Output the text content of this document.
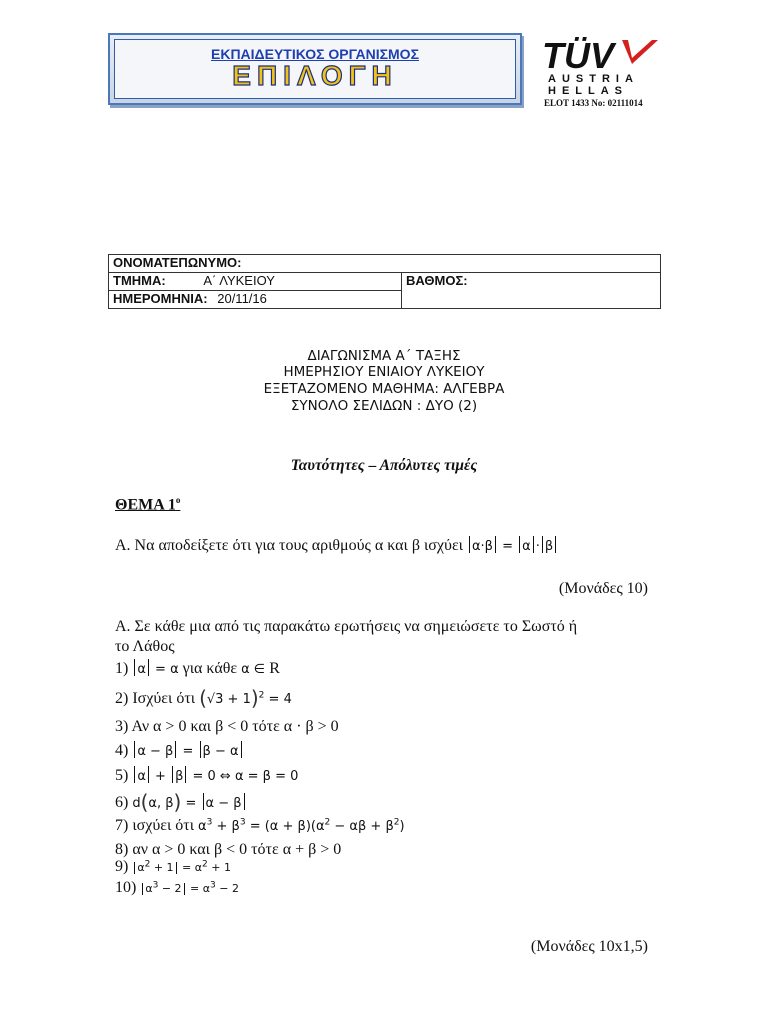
ΕΚΠΑΙΔΕΥΤΙΚΟΣ ΟΡΓΑΝΙΣΜΟΣ
ΕΠΙΛΟΓΗ	TÜV
AUSTRIA
HELLAS
ELOT 1433 No: 02111014
ΟΝΟΜΑΤΕΠΩΝΥΜΟ:
ΤΜΗΜΑ:	Α΄ ΛΥΚΕΙΟΥ	ΒΑΘΜΟΣ:
ΗΜΕΡΟΜΗΝΙΑ: 20/11/16
ΔΙΑΓΩΝΙΣΜΑ Α΄ ΤΑΞΗΣ
ΗΜΕΡΗΣΙΟΥ ΕΝΙΑΙΟΥ ΛΥΚΕΙΟΥ
ΕΞΕΤΑΖΟΜΕΝΟ ΜΑΘΗΜΑ: ΑΛΓΕΒΡΑ
ΣΥΝΟΛΟ ΣΕΛΙΔΩΝ : ΔΥΟ (2)
Ταυτότητες – Απόλυτες τιμές
ΘΕΜΑ $1^o$
Α. Να αποδείξετε ότι για τους αριθμούς α και β ισχύει α·β = α · β
(Μονάδες 10)
Α. Σε κάθε μια από τις παρακάτω ερωτήσεις να σημειώσετε το Σωστό ή
το Λάθος
1) α = α για κάθε α ∈ R
2) Ισχύει ότι $(√3 + 1)^2 = 4$
3) Αν α > 0 και β < 0 τότε α · β > 0
4) α − β = β − α
5) α + β = 0 ⇔ α = β = 0
6) d(α, β) = α − β
7) ισχύει ότι $\alpha^3 + \beta^3 = (\alpha + \beta)(\alpha^2 - \alpha\beta + \beta^2)$
8) αν α > 0 και β < 0 τότε α + β > 0
9) $\alpha^2 + 1 = \alpha^2 + 1$
10) $\alpha^3 - 2 = \alpha^3 - 2$
(Μονάδες 10x1,5)
